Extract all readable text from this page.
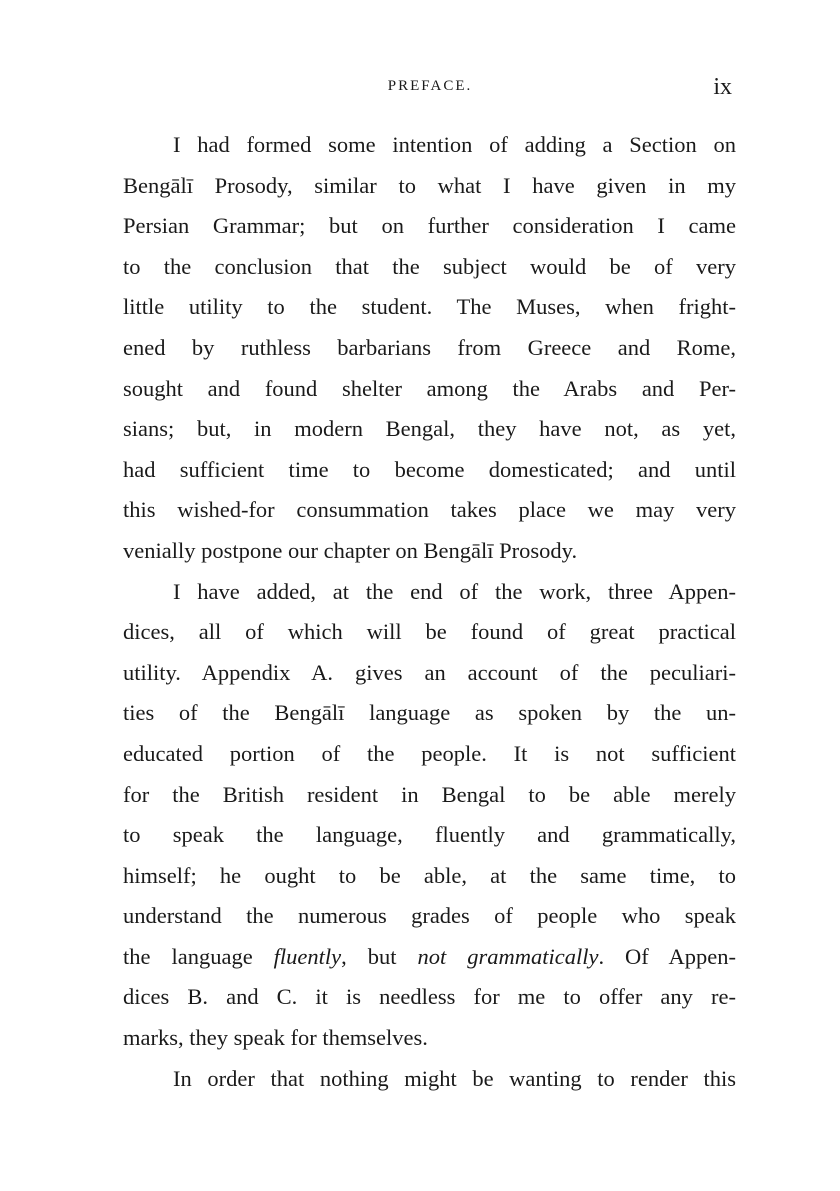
PREFACE.	ix
I had formed some intention of adding a Section on
Bengālī Prosody, similar to what I have given in my
Persian Grammar; but on further consideration I came
to the conclusion that the subject would be of very
little utility to the student. The Muses, when fright-
ened by ruthless barbarians from Greece and Rome,
sought and found shelter among the Arabs and Per-
sians; but, in modern Bengal, they have not, as yet,
had sufficient time to become domesticated; and until
this wished-for consummation takes place we may very
venially postpone our chapter on Bengālī Prosody.
I have added, at the end of the work, three Appen-
dices, all of which will be found of great practical
utility. Appendix A. gives an account of the peculiari-
ties of the Bengālī language as spoken by the un-
educated portion of the people. It is not sufficient
for the British resident in Bengal to be able merely
to speak the language, fluently and grammatically,
himself; he ought to be able, at the same time, to
understand the numerous grades of people who speak
the language fluently, but not grammatically. Of Appen-
dices B. and C. it is needless for me to offer any re-
marks, they speak for themselves.
In order that nothing might be wanting to render this
